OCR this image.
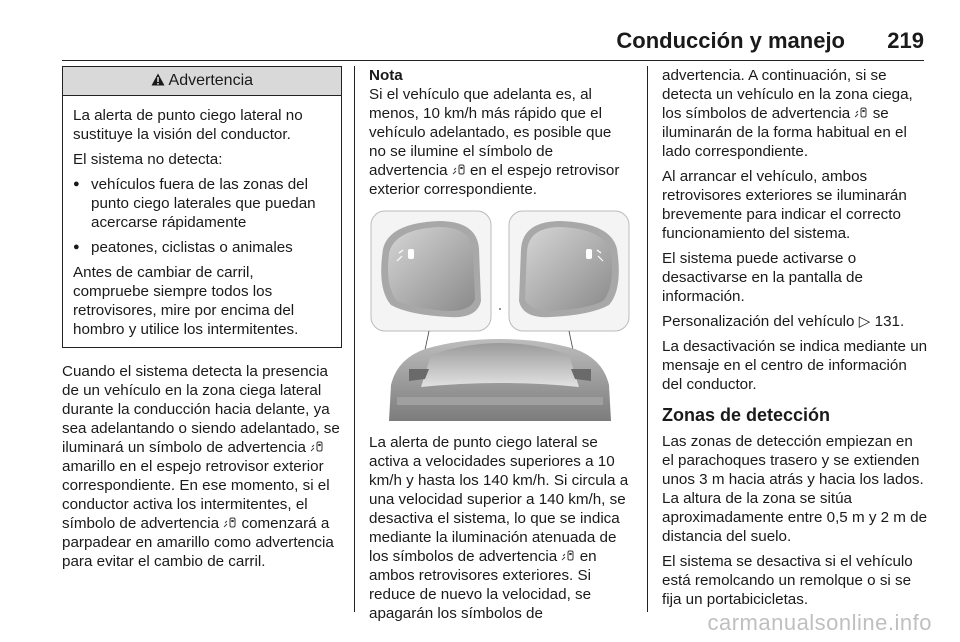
Conducción y manejo 219
Advertencia

La alerta de punto ciego lateral no sustituye la visión del conductor.

El sistema no detecta:

● vehículos fuera de las zonas del punto ciego laterales que puedan acercarse rápidamente
● peatones, ciclistas o animales

Antes de cambiar de carril, compruebe siempre todos los retrovisores, mire por encima del hombro y utilice los intermitentes.

Cuando el sistema detecta la presencia de un vehículo en la zona ciega lateral durante la conducción hacia delante, ya sea adelantando o siendo adelantado, se iluminará un símbolo de advertencia  amarillo en el espejo retrovisor exterior correspondiente. En ese momento, si el conductor activa los intermitentes, el símbolo de advertencia  comenzará a parpadear en amarillo como advertencia para evitar el cambio de carril.

Nota

Si el vehículo que adelanta es, al menos, 10 km/h más rápido que el vehículo adelantado, es posible que no se ilumine el símbolo de advertencia  en el espejo retrovisor exterior correspondiente.

La alerta de punto ciego lateral se activa a velocidades superiores a 10 km/h y hasta los 140 km/h. Si circula a una velocidad superior a 140 km/h, se desactiva el sistema, lo que se indica mediante la iluminación atenuada de los símbolos de advertencia  en ambos retrovisores exteriores. Si reduce de nuevo la velocidad, se apagarán los símbolos de

advertencia. A continuación, si se detecta un vehículo en la zona ciega, los símbolos de advertencia  se iluminarán de la forma habitual en el lado correspondiente.

Al arrancar el vehículo, ambos retrovisores exteriores se iluminarán brevemente para indicar el correcto funcionamiento del sistema.

El sistema puede activarse o desactivarse en la pantalla de información.

Personalización del vehículo ▷ 131.

La desactivación se indica mediante un mensaje en el centro de información del conductor.

Zonas de detección

Las zonas de detección empiezan en el parachoques trasero y se extienden unos 3 m hacia atrás y hacia los lados. La altura de la zona se sitúa aproximadamente entre 0,5 m y 2 m de distancia del suelo.

El sistema se desactiva si el vehículo está remolcando un remolque o si se fija un portabicicletas.

carmanualsonline.info
